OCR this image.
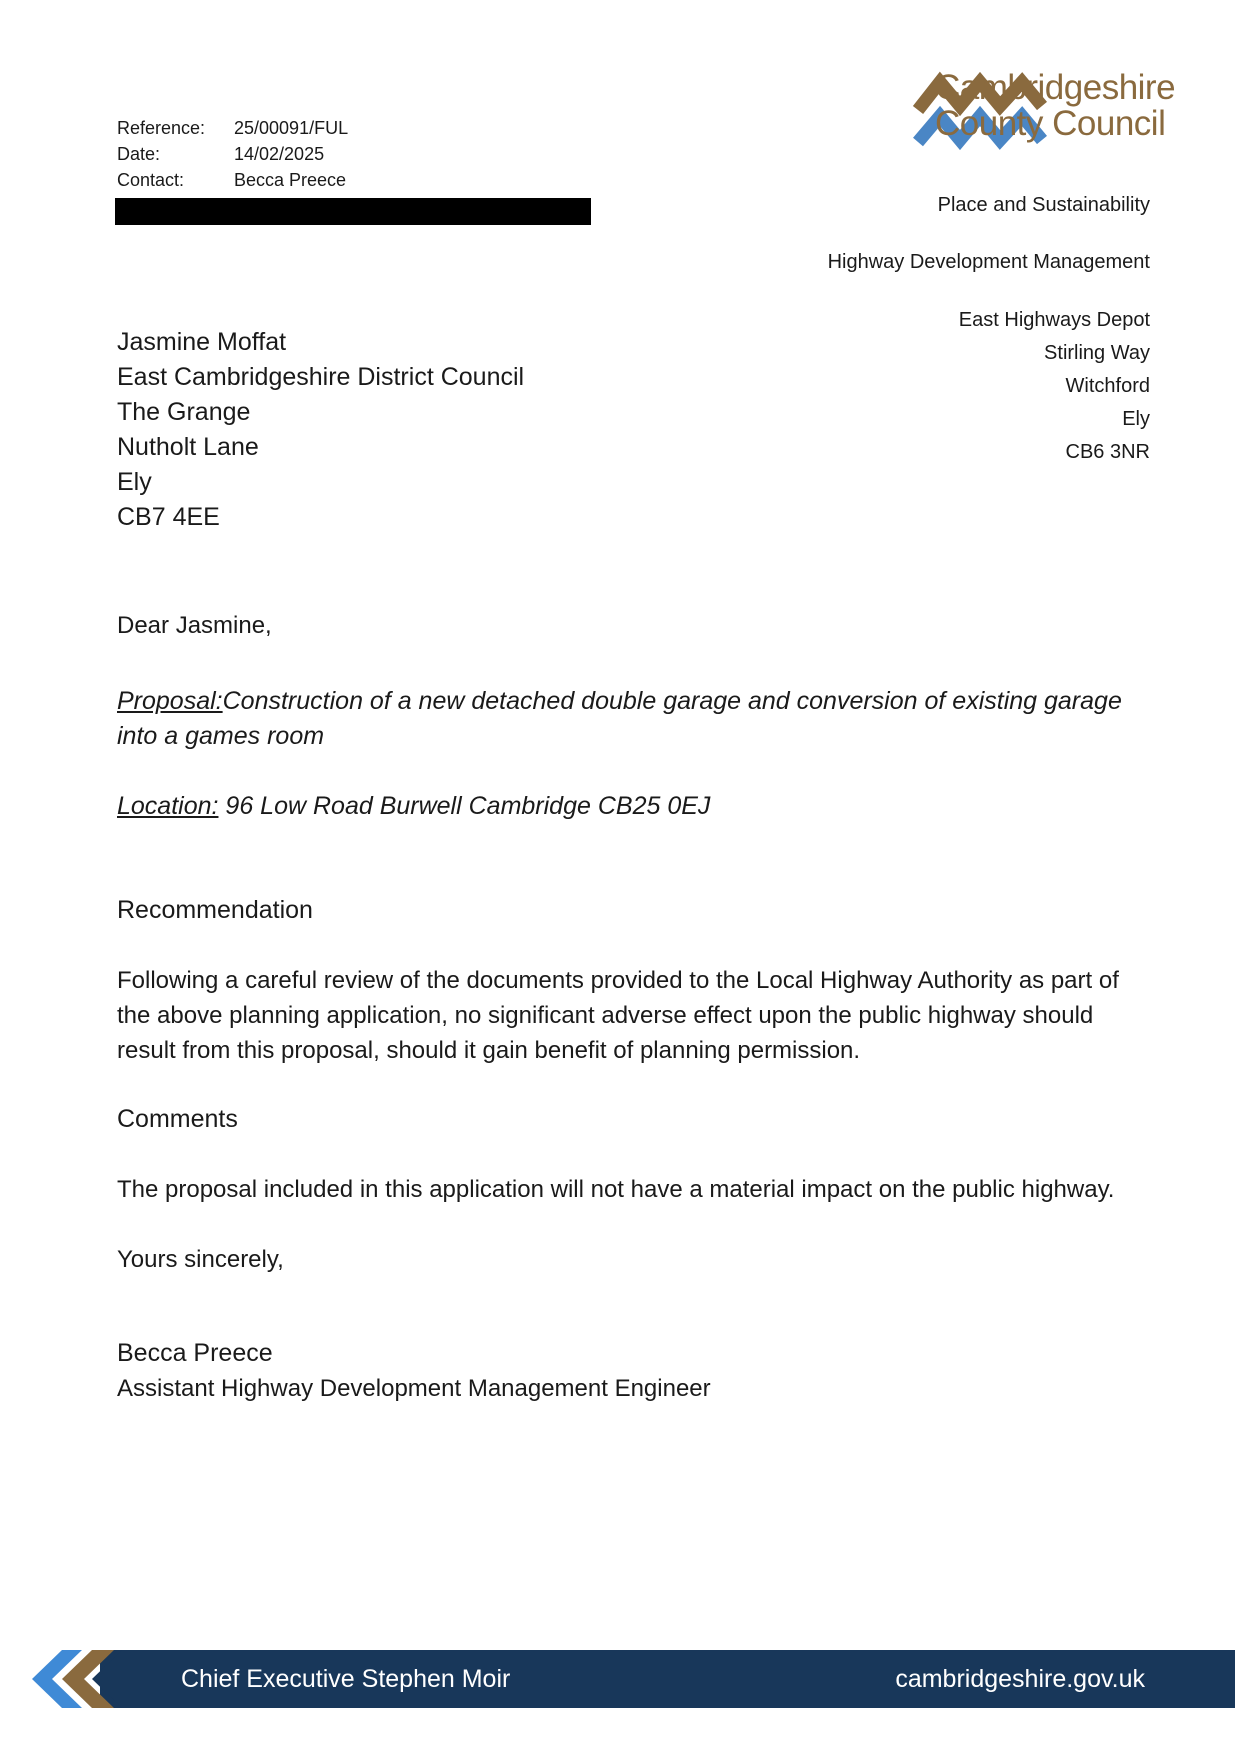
Cambridgeshire
County Council
Reference:	25/00091/FUL
Date:	14/02/2025
Contact:	Becca Preece
Place and Sustainability
Highway Development Management
East Highways Depot
Stirling Way
Witchford
Ely
CB6 3NR
Jasmine Moffat
East Cambridgeshire District Council
The Grange
Nutholt Lane
Ely
CB7 4EE
Dear Jasmine,
Proposal:Construction of a new detached double garage and conversion of existing garage into a games room
Location: 96 Low Road Burwell Cambridge CB25 0EJ
Recommendation
Following a careful review of the documents provided to the Local Highway Authority as part of the above planning application, no significant adverse effect upon the public highway should result from this proposal, should it gain benefit of planning permission.
Comments
The proposal included in this application will not have a material impact on the public highway.
Yours sincerely,
Becca Preece
Assistant Highway Development Management Engineer
Chief Executive Stephen Moir	cambridgeshire.gov.uk
